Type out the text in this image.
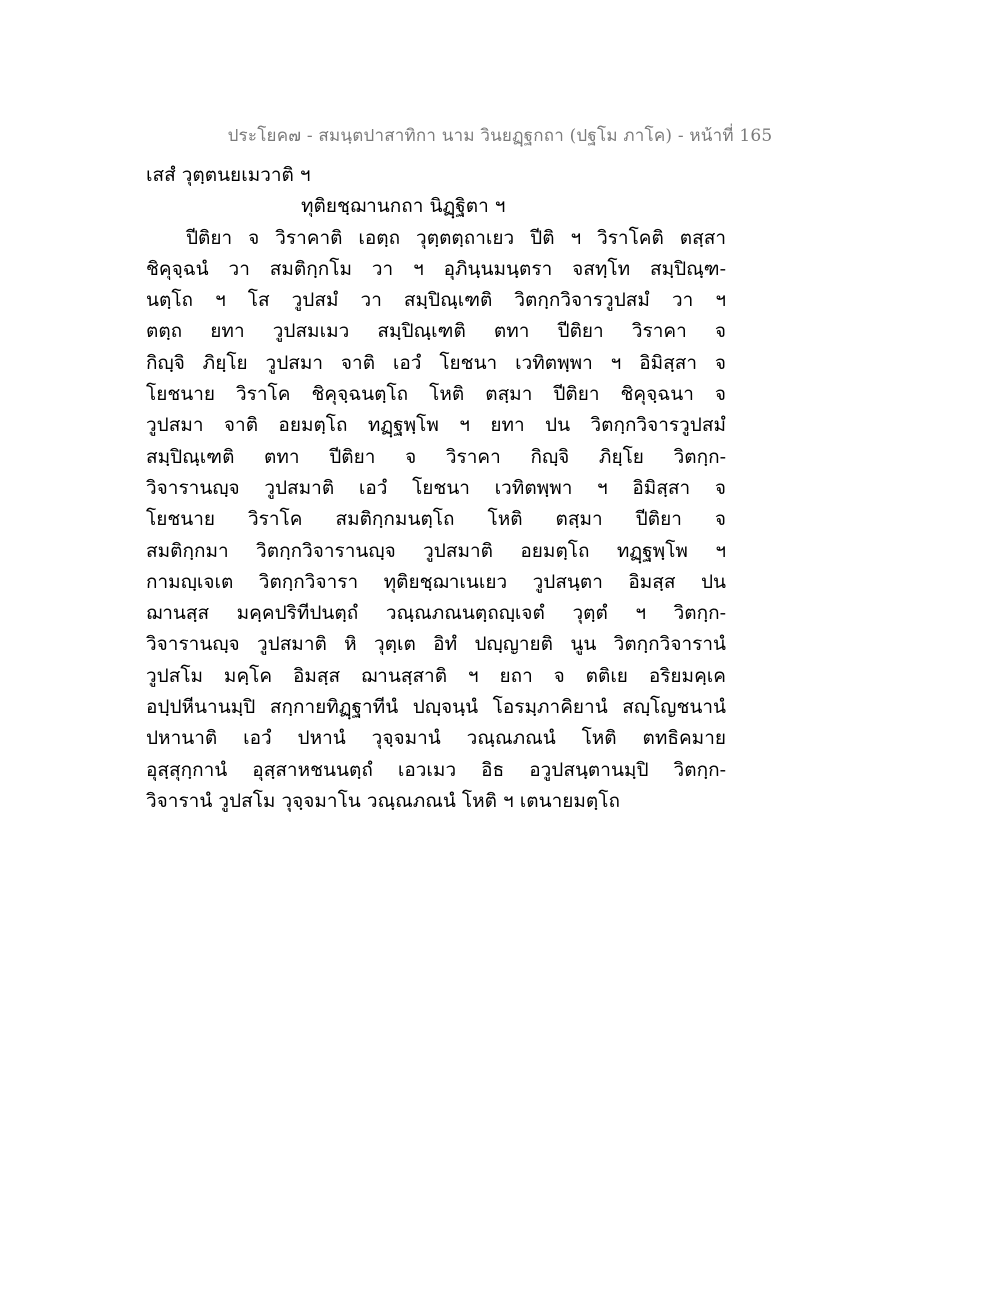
ประโยค๗ - สมนฺตปาสาทิกา นาม วินยฏฺฐกถา (ปฐโม ภาโค) - หน้าที่ 165
เสสํ วุตฺตนยเมวาติ ฯ
ทุติยชฺฌานกถา นิฏฺฐิตา ฯ
ปีติยา จ วิราคาติ เอตฺถ วุตฺตตฺถาเยว ปีติ ฯ วิราโคติ ตสฺสา
ชิคุจฺฉนํ วา สมติกฺกโม วา ฯ อุภินฺนมนฺตรา จสทฺโท สมฺปิณฺฑ-
นตฺโถ ฯ โส วูปสมํ วา สมฺปิณฺเฑติ วิตกฺกวิจารวูปสมํ วา ฯ
ตตฺถ ยทา วูปสมเมว สมฺปิณฺเฑติ ตทา ปีติยา วิราคา จ
กิญฺจิ ภิยฺโย วูปสมา จาติ เอวํ โยชนา เวทิตพฺพา ฯ อิมิสฺสา จ
โยชนาย วิราโค ชิคุจฺฉนตฺโถ โหติ ตสฺมา ปีติยา ชิคุจฺฉนา จ
วูปสมา จาติ อยมตฺโถ ทฏฺฐพฺโพ ฯ ยทา ปน วิตกฺกวิจารวูปสมํ
สมฺปิณฺเฑติ ตทา ปีติยา จ วิราคา กิญฺจิ ภิยฺโย วิตกฺก-
วิจารานญฺจ วูปสมาติ เอวํ โยชนา เวทิตพฺพา ฯ อิมิสฺสา จ
โยชนาย วิราโค สมติกฺกมนตฺโถ โหติ ตสฺมา ปีติยา จ
สมติกฺกมา วิตกฺกวิจารานญฺจ วูปสมาติ อยมตฺโถ ทฏฺฐพฺโพ ฯ
กามญฺเจเต วิตกฺกวิจารา ทุติยชฺฌาเนเยว วูปสนฺตา อิมสฺส ปน
ฌานสฺส มคฺคปริทีปนตฺถํ วณฺณภณนตฺถญฺเจตํ วุตฺตํ ฯ วิตกฺก-
วิจารานญฺจ วูปสมาติ หิ วุตฺเต อิทํ ปญฺญายติ นูน วิตกฺกวิจารานํ
วูปสโม มคฺโค อิมสฺส ฌานสฺสาติ ฯ ยถา จ ตติเย อริยมคฺเค
อปฺปหีนานมฺปิ สกฺกายทิฏฺฐาทีนํ ปญฺจนฺนํ โอรมฺภาคิยานํ สญฺโญชนานํ
ปหานาติ เอวํ ปหานํ วุจฺจมานํ วณฺณภณนํ โหติ ตทธิคมาย
อุสฺสุกฺกานํ อุสฺสาหชนนตฺถํ เอวเมว อิธ อวูปสนฺตานมฺปิ วิตกฺก-
วิจารานํ วูปสโม วุจฺจมาโน วณฺณภณนํ โหติ ฯ เตนายมตฺโถ
